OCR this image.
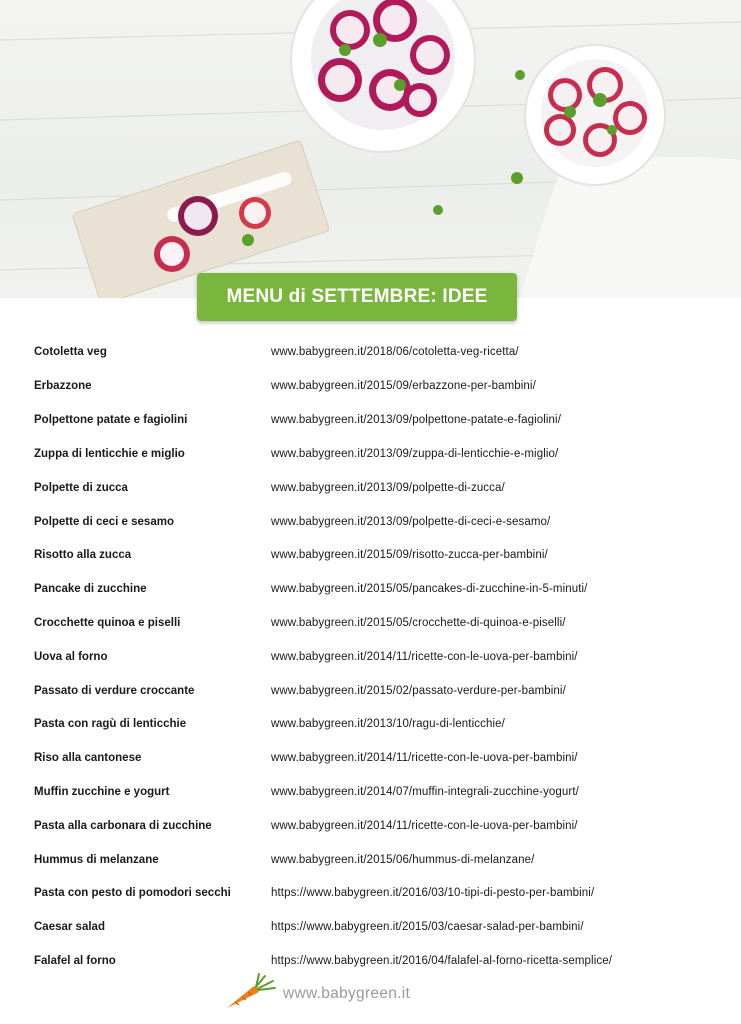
MENU di SETTEMBRE: IDEE
Cotoletta veg	www.babygreen.it/2018/06/cotoletta-veg-ricetta/
Erbazzone	www.babygreen.it/2015/09/erbazzone-per-bambini/
Polpettone patate e fagiolini	www.babygreen.it/2013/09/polpettone-patate-e-fagiolini/
Zuppa di lenticchie e miglio	www.babygreen.it/2013/09/zuppa-di-lenticchie-e-miglio/
Polpette di zucca	www.babygreen.it/2013/09/polpette-di-zucca/
Polpette di ceci e sesamo	www.babygreen.it/2013/09/polpette-di-ceci-e-sesamo/
Risotto alla zucca	www.babygreen.it/2015/09/risotto-zucca-per-bambini/
Pancake di zucchine	www.babygreen.it/2015/05/pancakes-di-zucchine-in-5-minuti/
Crocchette quinoa e piselli	www.babygreen.it/2015/05/crocchette-di-quinoa-e-piselli/
Uova al forno	www.babygreen.it/2014/11/ricette-con-le-uova-per-bambini/
Passato di verdure croccante	www.babygreen.it/2015/02/passato-verdure-per-bambini/
Pasta con ragù di lenticchie	www.babygreen.it/2013/10/ragu-di-lenticchie/
Riso alla cantonese	www.babygreen.it/2014/11/ricette-con-le-uova-per-bambini/
Muffin zucchine e yogurt	www.babygreen.it/2014/07/muffin-integrali-zucchine-yogurt/
Pasta alla carbonara di zucchine	www.babygreen.it/2014/11/ricette-con-le-uova-per-bambini/
Hummus di melanzane	www.babygreen.it/2015/06/hummus-di-melanzane/
Pasta con pesto di pomodori secchi	https://www.babygreen.it/2016/03/10-tipi-di-pesto-per-bambini/
Caesar salad	https://www.babygreen.it/2015/03/caesar-salad-per-bambini/
Falafel al forno	https://www.babygreen.it/2016/04/falafel-al-forno-ricetta-semplice/
www.babygreen.it
